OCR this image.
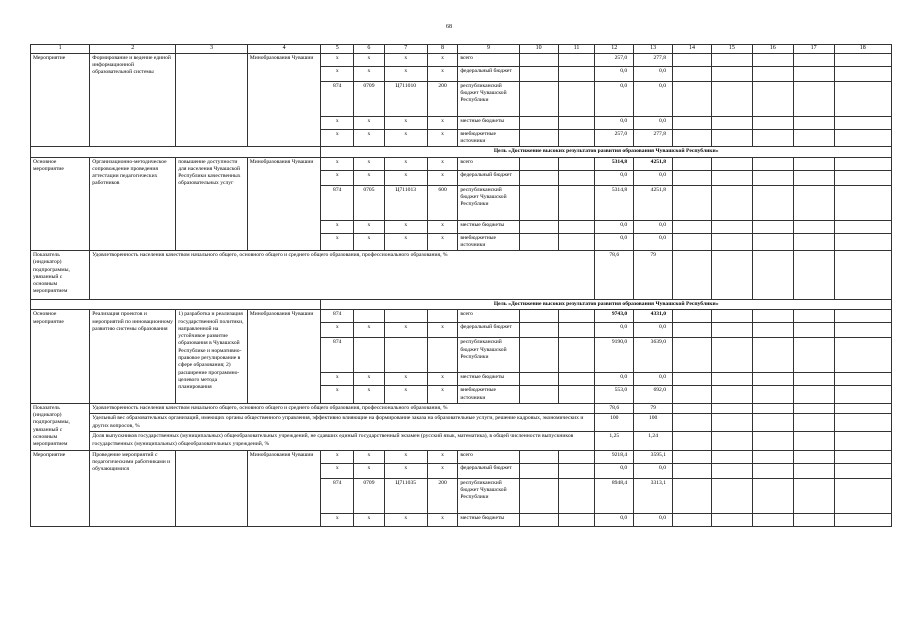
68
1	2	3	4	5	6	7	8	9	10	11	12	13	14	15	16	17	18
Мероприятие	Формирование и ведение единой информационной образовательной системы		Минобразования Чувашии	x	x	x	x	всего			257,0	277,8					
				x	x	x	x	федеральный бюджет			0,0	0,0					
				874	0709	Ц711010	200	республиканский бюджет Чувашской Республики			0,0	0,0					
				x	x	x	x	местные бюджеты			0,0	0,0					
				x	x	x	x	внебюджетные источники			257,0	277,8					
				Цель «Достижение высоких результатов развития образования Чувашской Республики»													
Основное мероприятие	Организационно-методическое сопровождение проведения аттестации педагогических работников	повышение доступности для населения Чувашской Республики качественных образовательных услуг	Минобразования Чувашии	x	x	x	x	всего			5314,8	4251,8					
				x	x	x	x	федеральный бюджет			0,0	0,0					
				874	0705	Ц711013	600	республиканский бюджет Чувашской Республики			5314,8	4251,8					
				x	x	x	x	местные бюджеты			0,0	0,0					
				x	x	x	x	внебюджетные источники			0,0	0,0					
Показатель (индикатор) подпрограммы, увязанный с основным мероприятием	Удовлетворенность населения качеством начального общего, основного общего и среднего общего образования, профессионального образования, %										78,6	79					
				Цель «Достижение высоких результатов развития образования Чувашской Республики»													
Основное мероприятие	Реализация проектов и мероприятий по инновационному развитию системы образования	1) разработка и реализация государственной политики, направленной на устойчивое развитие образования в Чувашской Республике и нормативно-правовое регулирование в сфере образования; 2) расширение программно-целевого метода планирования	Минобразования Чувашии	874				всего			9743,0	4331,0					
				x	x	x	x	федеральный бюджет			0,0	0,0					
				874				республиканский бюджет Чувашской Республики			9190,0	3639,0					
				x	x	x	x	местные бюджеты			0,0	0,0					
				x	x	x	x	внебюджетные источники			553,0	692,0					
Показатель (индикатор) подпрограммы, увязанный с основным мероприятием	Удовлетворенность населения качеством начального общего, основного общего и среднего общего образования, профессионального образования, %										78,6	79					
	Удельный вес образовательных организаций, имеющих органы общественного управления, эффективно влияющие на формирование заказа на образовательные услуги, решение кадровых, экономических и других вопросов, %										100	100					
	Доля выпускников государственных (муниципальных) общеобразовательных учреждений, не сдавших единый государственный экзамен (русский язык, математика), в общей численности выпускников государственных (муниципальных) общеобразовательных учреждений, %										1,25	1,24					
Мероприятие	Проведение мероприятий с педагогическими работниками и обучающимися		Минобразования Чувашии	x	x	x	x	всего			9218,4	3595,1					
				x	x	x	x	федеральный бюджет			0,0	0,0					
				874	0709	Ц711035	200	республиканский бюджет Чувашской Республики			8948,4	3313,1					
				x	x	x	x	местные бюджеты			0,0	0,0					
